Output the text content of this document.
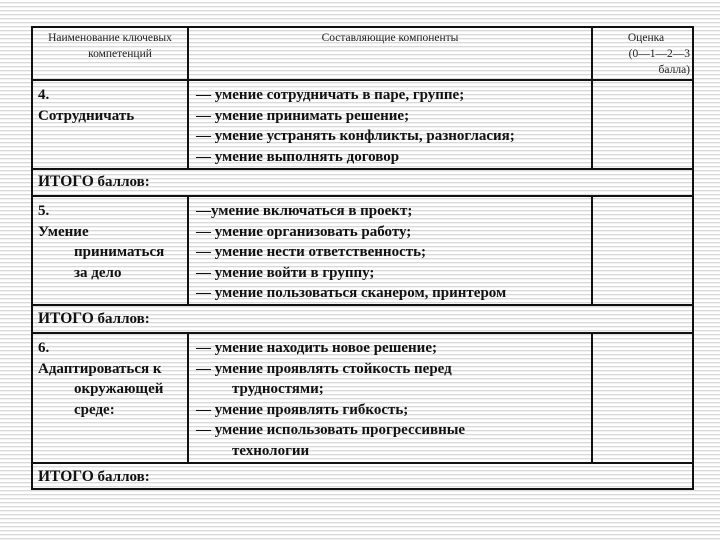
Наименование ключевых
компетенций
Составляющие компоненты	Оценка
(0—1—2—3
балла)
4.
Сотрудничать
— умение сотрудничать в паре, группе;
— умение принимать решение;
— умение устранять конфликты, разногласия;
— умение выполнять договор
ИТОГО баллов:
5.
Умение
приниматься
за дело
—умение включаться в проект;
— умение организовать работу;
— умение нести ответственность;
— умение войти в группу;
— умение пользоваться сканером, принтером
ИТОГО баллов:
6.
Адаптироваться к
окружающей
среде:
— умение находить новое решение;
— умение проявлять стойкость перед
трудностями;
— умение проявлять гибкость;
— умение использовать прогрессивные
технологии
ИТОГО баллов:
